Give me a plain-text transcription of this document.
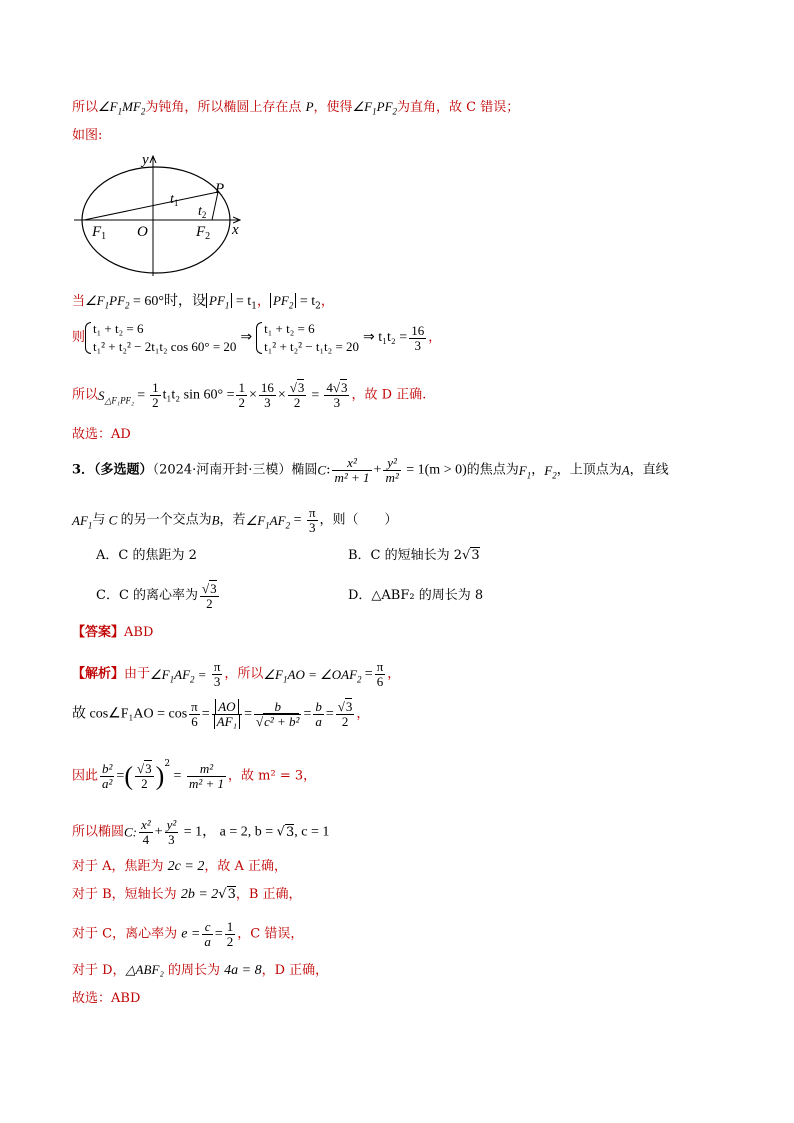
所以$\angle F_1MF_2$为钝角，所以椭圆上存在点 P，使得$\angle F_1PF_2$为直角，故 C 错误；
如图:
y
x
O
P
$F_1$	$F_2$
$t_1$
$t_2$
当$\angle F_1PF_2 = 60^\circ$时，设 $PF_1 = t_1$， $PF_2 = t_2$，
则
t₁ + t₂ = 6
t₁² + t₂² − 2t₁t₂ cos 60° = 20
⇒
t₁ + t₂ = 6
t₁² + t₂² − t₁t₂ = 20
⇒ $t_1t_2 = \frac{16}{3}$ ，
所以$S_{\triangle F_1PF_2} = \frac{1}{2} t_1t_2$ $\sin 60^\circ = \frac{1}{2} \times \frac{16}{3} \times \frac{√3}{2} = \frac{4√3}{3}$ ，故 D 正确.
故选：AD
3．（多选题）（2024·河南开封·三模）椭圆C: $\frac{\text{x²}}{\text{m² + 1}} + \frac{\text{y²}}{\text{m²}} = 1(m > 0)$的焦点为$F_1$，$F_2$，上顶点为A，直线
$AF_1$与 C 的另一个交点为B，若$\angle F_1AF_2 = \frac{\pi}{3}$ ，则（　　）
A．C 的焦距为 2	B．C 的短轴长为 2√3
C．C 的离心率为 $\frac{√3}{2}$	D．△ABF₂ 的周长为 8
【答案】ABD
【解析】由于$\angle F_1AF_2 = \frac{\pi}{3}$ ，所以$\angle F_1AO$ = $\angle OAF_2 = \frac{\pi}{6}$ ，
故 cos∠F₁AO = $\cos \frac{\pi}{6} = \frac{AO}{\text{AF₁}} = \frac{b}{\text{√c² + b²}} = \frac{b}{a} = \frac{√3}{2}$ ，
因此 $\frac{\text{b²}}{\text{a²}}$ =( $\frac{√3}{2} )^2 = \frac{\text{m²}}{\text{m² + 1}}$ ，故 m² = 3，
所以椭圆C: $\frac{\text{x²}}{4} + \frac{\text{y²}}{3} = 1$， a = 2, b = √3, c = 1
对于 A，焦距为 2c = 2，故 A 正确，
对于 B，短轴长为 2b = 2√3，B 正确，
对于 C，离心率为 $e = \frac{c}{a} = \frac{1}{2}$ ，C 错误，
对于 D，△ABF₂ 的周长为 4a = 8，D 正确，
故选：ABD
